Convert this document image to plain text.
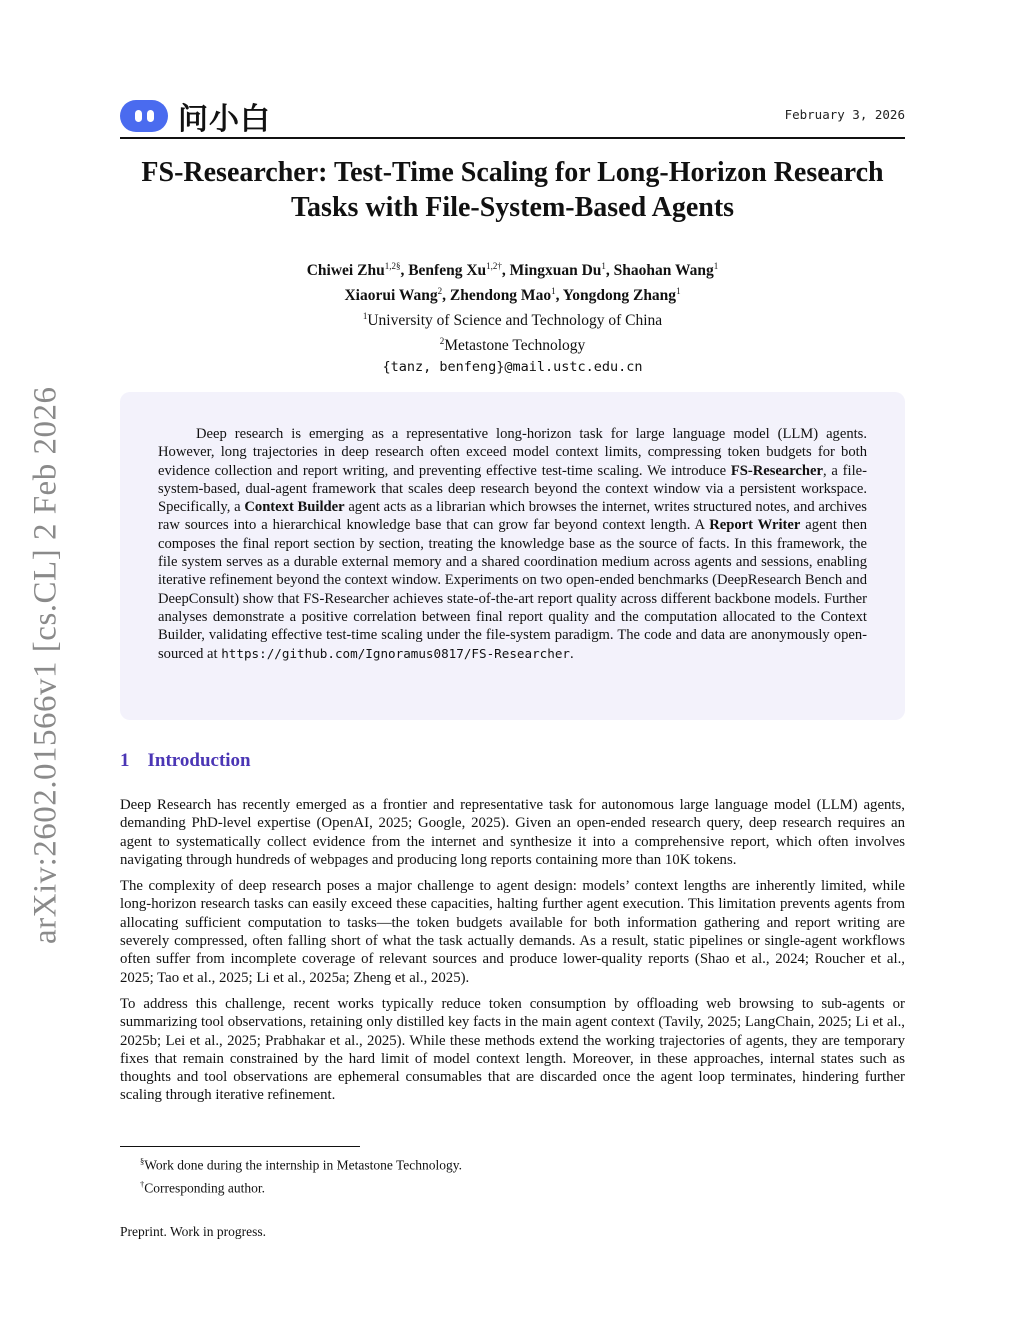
arXiv:2602.01566v1 [cs.CL] 2 Feb 2026
问小白	February 3, 2026
FS-Researcher: Test-Time Scaling for Long-Horizon Research Tasks with File-System-Based Agents
Chiwei Zhu$^{1,2\S}$, Benfeng $Xu^{1,2\dagger}$, Mingxuan Du$^1$, Shaohan Wang$^1$
Xiaorui Wang$^2$, Zhendong Mao$^1$, Yongdong Zhang$^1$
$^1$University of Science and Technology of China
$^2$Metastone Technology
{tanz, benfeng}@mail.ustc.edu.cn

Deep research is emerging as a representative long-horizon task for large language model (LLM) agents. However, long trajectories in deep research often exceed model context limits, compressing token budgets for both evidence collection and report writing, and preventing effective test-time scaling. We introduce FS-Researcher, a file-system-based, dual-agent framework that scales deep research beyond the context window via a persistent workspace. Specifically, a Context Builder agent acts as a librarian which browses the internet, writes structured notes, and archives raw sources into a hierarchical knowledge base that can grow far beyond context length. A Report Writer agent then composes the final report section by section, treating the knowledge base as the source of facts. In this framework, the file system serves as a durable external memory and a shared coordination medium across agents and sessions, enabling iterative refinement beyond the context window. Experiments on two open-ended benchmarks (DeepResearch Bench and DeepConsult) show that FS-Researcher achieves state-of-the-art report quality across different backbone models. Further analyses demonstrate a positive correlation between final report quality and the computation allocated to the Context Builder, validating effective test-time scaling under the file-system paradigm. The code and data are anonymously open-sourced at https://github.com/Ignoramus0817/FS-Researcher.

1 Introduction

Deep Research has recently emerged as a frontier and representative task for autonomous large language model (LLM) agents, demanding PhD-level expertise (OpenAI, 2025; Google, 2025). Given an open-ended research query, deep research requires an agent to systematically collect evidence from the internet and synthesize it into a comprehensive report, which often involves navigating through hundreds of webpages and producing long reports containing more than 10K tokens.

The complexity of deep research poses a major challenge to agent design: models’ context lengths are inherently limited, while long-horizon research tasks can easily exceed these capacities, halting further agent execution. This limitation prevents agents from allocating sufficient computation to tasks—the token budgets available for both information gathering and report writing are severely compressed, often falling short of what the task actually demands. As a result, static pipelines or single-agent workflows often suffer from incomplete coverage of relevant sources and produce lower-quality reports (Shao et al., 2024; Roucher et al., 2025; Tao et al., 2025; Li et al., 2025a; Zheng et al., 2025).

To address this challenge, recent works typically reduce token consumption by offloading web browsing to sub-agents or summarizing tool observations, retaining only distilled key facts in the main agent context (Tavily, 2025; LangChain, 2025; Li et al., 2025b; Lei et al., 2025; Prabhakar et al., 2025). While these methods extend the working trajectories of agents, they are temporary fixes that remain constrained by the hard limit of model context length. Moreover, in these approaches, internal states such as thoughts and tool observations are ephemeral consumables that are discarded once the agent loop terminates, hindering further scaling through iterative refinement.

§Work done during the internship in Metastone Technology.
†Corresponding author.
Preprint. Work in progress.
